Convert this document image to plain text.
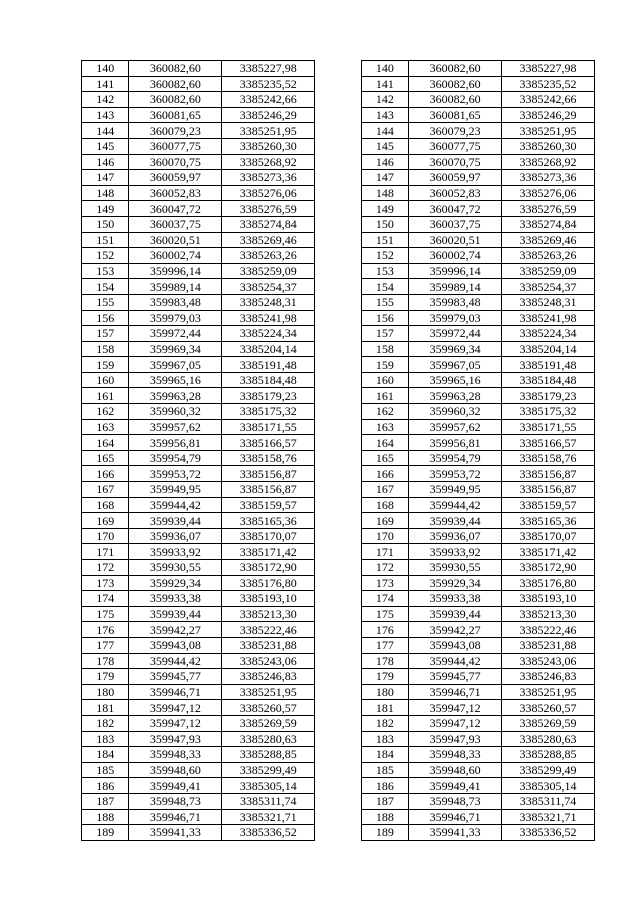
140	360082,60	3385227,98		140	360082,60	3385227,98
141	360082,60	3385235,52		141	360082,60	3385235,52
142	360082,60	3385242,66		142	360082,60	3385242,66
143	360081,65	3385246,29		143	360081,65	3385246,29
144	360079,23	3385251,95		144	360079,23	3385251,95
145	360077,75	3385260,30		145	360077,75	3385260,30
146	360070,75	3385268,92		146	360070,75	3385268,92
147	360059,97	3385273,36		147	360059,97	3385273,36
148	360052,83	3385276,06		148	360052,83	3385276,06
149	360047,72	3385276,59		149	360047,72	3385276,59
150	360037,75	3385274,84		150	360037,75	3385274,84
151	360020,51	3385269,46		151	360020,51	3385269,46
152	360002,74	3385263,26		152	360002,74	3385263,26
153	359996,14	3385259,09		153	359996,14	3385259,09
154	359989,14	3385254,37		154	359989,14	3385254,37
155	359983,48	3385248,31		155	359983,48	3385248,31
156	359979,03	3385241,98		156	359979,03	3385241,98
157	359972,44	3385224,34		157	359972,44	3385224,34
158	359969,34	3385204,14		158	359969,34	3385204,14
159	359967,05	3385191,48		159	359967,05	3385191,48
160	359965,16	3385184,48		160	359965,16	3385184,48
161	359963,28	3385179,23		161	359963,28	3385179,23
162	359960,32	3385175,32		162	359960,32	3385175,32
163	359957,62	3385171,55		163	359957,62	3385171,55
164	359956,81	3385166,57		164	359956,81	3385166,57
165	359954,79	3385158,76		165	359954,79	3385158,76
166	359953,72	3385156,87		166	359953,72	3385156,87
167	359949,95	3385156,87		167	359949,95	3385156,87
168	359944,42	3385159,57		168	359944,42	3385159,57
169	359939,44	3385165,36		169	359939,44	3385165,36
170	359936,07	3385170,07		170	359936,07	3385170,07
171	359933,92	3385171,42		171	359933,92	3385171,42
172	359930,55	3385172,90		172	359930,55	3385172,90
173	359929,34	3385176,80		173	359929,34	3385176,80
174	359933,38	3385193,10		174	359933,38	3385193,10
175	359939,44	3385213,30		175	359939,44	3385213,30
176	359942,27	3385222,46		176	359942,27	3385222,46
177	359943,08	3385231,88		177	359943,08	3385231,88
178	359944,42	3385243,06		178	359944,42	3385243,06
179	359945,77	3385246,83		179	359945,77	3385246,83
180	359946,71	3385251,95		180	359946,71	3385251,95
181	359947,12	3385260,57		181	359947,12	3385260,57
182	359947,12	3385269,59		182	359947,12	3385269,59
183	359947,93	3385280,63		183	359947,93	3385280,63
184	359948,33	3385288,85		184	359948,33	3385288,85
185	359948,60	3385299,49		185	359948,60	3385299,49
186	359949,41	3385305,14		186	359949,41	3385305,14
187	359948,73	3385311,74		187	359948,73	3385311,74
188	359946,71	3385321,71		188	359946,71	3385321,71
189	359941,33	3385336,52		189	359941,33	3385336,52
